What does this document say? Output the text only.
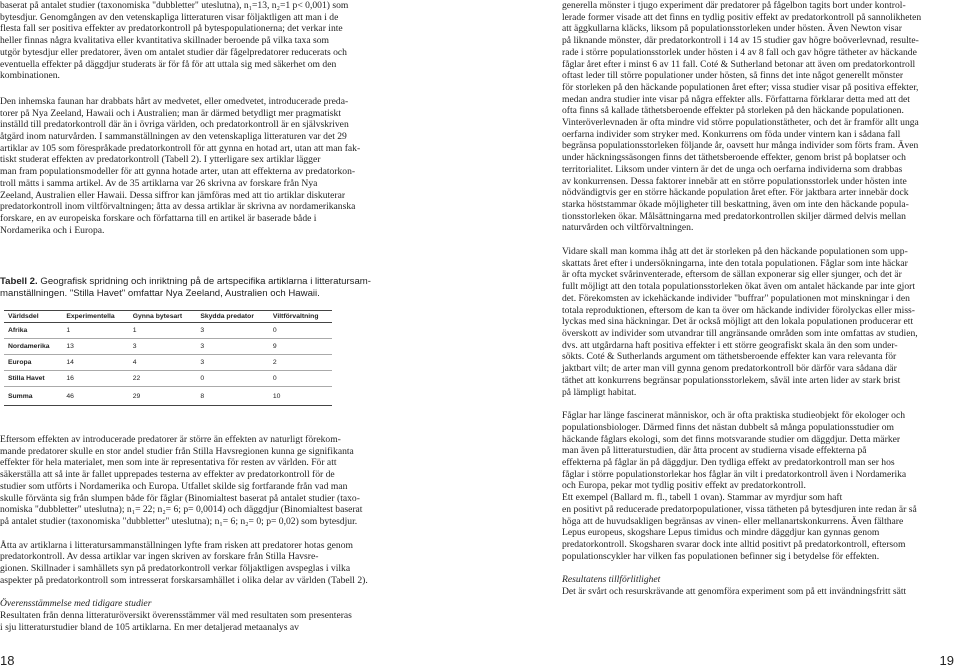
baserat på antalet studier (taxonomiska "dubbletter" uteslutna), n₁=13, n₂=1 p< 0,001) som
bytesdjur. Genomgången av den vetenskapliga litteraturen visar följaktligen att man i de
flesta fall ser positiva effekter av predatorkontroll på bytespopulationerna; det verkar inte
heller finnas några kvalitativa eller kvantitativa skillnader beroende på vilka taxa som
utgör bytesdjur eller predatorer, även om antalet studier där fågelpredatorer reducerats och
eventuella effekter på däggdjur studerats är för få för att uttala sig med säkerhet om den
kombinationen.
Den inhemska faunan har drabbats hårt av medvetet, eller omedvetet, introducerade preda-
torer på Nya Zeeland, Hawaii och i Australien; man är därmed betydligt mer pragmatiskt
inställd till predatorkontroll där än i övriga världen, och predatorkontroll är en självskriven
åtgärd inom naturvården. I sammanställningen av den vetenskapliga litteraturen var det 29
artiklar av 105 som förespråkade predatorkontroll för att gynna en hotad art, utan att man fak-
tiskt studerat effekten av predatorkontroll (Tabell 2). I ytterligare sex artiklar lägger
man fram populationsmodeller för att gynna hotade arter, utan att effekterna av predatorkon-
troll mätts i samma artikel. Av de 35 artiklarna var 26 skrivna av forskare från Nya
Zeeland, Australien eller Hawaii. Dessa siffror kan jämföras med att tio artiklar diskuterar
predatorkontroll inom viltförvaltningen; åtta av dessa artiklar är skrivna av nordamerikanska
forskare, en av europeiska forskare och författarna till en artikel är baserade både i
Nordamerika och i Europa.
Tabell 2. Geografisk spridning och inriktning på de artspecifika artiklarna i litteratursam-
manställningen. "Stilla Havet" omfattar Nya Zeeland, Australien och Hawaii.
Världsdel	Experimentella	Gynna bytesart	Skydda predator	Viltförvaltning
Afrika	1	1	3	0
Nordamerika	13	3	3	9
Europa	14	4	3	2
Stilla Havet	16	22	0	0
Summa	46	29	8	10
Eftersom effekten av introducerade predatorer är större än effekten av naturligt förekom-
mande predatorer skulle en stor andel studier från Stilla Havsregionen kunna ge signifikanta
effekter för hela materialet, men som inte är representativa för resten av världen. För att
säkerställa att så inte är fallet upprepades testerna av effekter av predatorkontroll för de
studier som utförts i Nordamerika och Europa. Utfallet skilde sig fortfarande från vad man
skulle förvänta sig från slumpen både för fåglar (Binomialtest baserat på antalet studier (taxo-
nomiska "dubbletter" uteslutna); n₁= 22; n₂= 6; p= 0,0014) och däggdjur (Binomialtest baserat
på antalet studier (taxonomiska "dubbletter" uteslutna); n₁= 6; n₂= 0; p= 0,02) som bytesdjur.
Åtta av artiklarna i litteratursammanställningen lyfte fram risken att predatorer hotas genom
predatorkontroll. Av dessa artiklar var ingen skriven av forskare från Stilla Havsre-
gionen. Skillnader i samhällets syn på predatorkontroll verkar följaktligen avspeglas i vilka
aspekter på predatorkontroll som intresserat forskarsamhället i olika delar av världen (Tabell 2).
Överensstämmelse med tidigare studier
Resultaten från denna litteraturöversikt överensstämmer väl med resultaten som presenteras
i sju litteraturstudier bland de 105 artiklarna. En mer detaljerad metaanalys av
18
generella mönster i tjugo experiment där predatorer på fågelbon tagits bort under kontrol-
lerade former visade att det finns en tydlig positiv effekt av predatorkontroll på sannolikheten
att äggkullarna kläcks, liksom på populationsstorleken under hösten. Även Newton visar
på liknande mönster, där predatorkontroll i 14 av 15 studier gav högre boöverlevnad, resulte-
rade i större populationsstorlek under hösten i 4 av 8 fall och gav högre tätheter av häckande
fåglar året efter i minst 6 av 11 fall. Coté & Sutherland betonar att även om predatorkontroll
oftast leder till större populationer under hösten, så finns det inte något generellt mönster
för storleken på den häckande populationen året efter; vissa studier visar på positiva effekter,
medan andra studier inte visar på några effekter alls. Författarna förklarar detta med att det
ofta finns så kallade täthetsberoende effekter på storleken på den häckande populationen.
Vinteröverlevnaden är ofta mindre vid större populationstätheter, och det är framför allt unga
oerfarna individer som stryker med. Konkurrens om föda under vintern kan i sådana fall
begränsa populationsstorleken följande år, oavsett hur många individer som förts fram. Även
under häckningssäsongen finns det täthetsberoende effekter, genom brist på boplatser och
territorialitet. Liksom under vintern är det de unga och oerfarna individerna som drabbas
av konkurrensen. Dessa faktorer innebär att en större populationsstorlek under hösten inte
nödvändigtvis ger en större häckande population året efter. För jaktbara arter innebär dock
starka höststammar ökade möjligheter till beskattning, även om inte den häckande popula-
tionsstorleken ökar. Målsättningarna med predatorkontrollen skiljer därmed delvis mellan
naturvården och viltförvaltningen.
Vidare skall man komma ihåg att det är storleken på den häckande populationen som upp-
skattats året efter i undersökningarna, inte den totala populationen. Fåglar som inte häckar
är ofta mycket svårinventerade, eftersom de sällan exponerar sig eller sjunger, och det är
fullt möjligt att den totala populationsstorleken ökat även om antalet häckande par inte gjort
det. Förekomsten av ickehäckande individer "buffrar" populationen mot minskningar i den
totala reproduktionen, eftersom de kan ta över om häckande individer förolyckas eller miss-
lyckas med sina häckningar. Det är också möjligt att den lokala populationen producerar ett
överskott av individer som utvandrar till angränsande områden som inte omfattas av studien,
dvs. att utgårdarna haft positiva effekter i ett större geografiskt skala än den som under-
sökts. Coté & Sutherlands argument om täthetsberoende effekter kan vara relevanta för
jaktbart vilt; de arter man vill gynna genom predatorkontroll bör därför vara sådana där
täthet att konkurrens begränsar populationsstorlekem, såväl inte arten lider av stark brist
på lämpligt habitat.
Fåglar har länge fascinerat människor, och är ofta praktiska studieobjekt för ekologer och
populationsbiologer. Därmed finns det nästan dubbelt så många populationsstudier om
häckande fåglars ekologi, som det finns motsvarande studier om däggdjur. Detta märker
man även på litteraturstudien, där åtta procent av studierna visade effekterna på
effekterna på fåglar än på däggdjur. Den tydliga effekt av predatorkontroll man ser hos
fåglar i större populationstorlekar hos fåglar än vilt i predatorkontroll även i Nordamerika
och Europa, pekar mot tydlig positiv effekt av predatorkontroll.
Ett exempel (Ballard m. fl., tabell 1 ovan). Stammar av myrdjur som haft
en positivt på reducerade predatorpopulationer, vissa tätheten på bytesdjuren inte redan är så
höga att de huvudsakligen begränsas av vinen- eller mellanartskonkurrens. Även fältharе
Lepus europeus, skogshare Lepus timidus och mindre däggdjur kan gynnas genom
predatorkontroll. Skogsharen svarar dock inte alltid positivt på predatorkontroll, eftersom
populationscykler har vilken fas populationen befinner sig i betydelse för effekten.
Resultatens tillförlitlighet
Det är svårt och resurskrävande att genomföra experiment som på ett invändningsfritt sätt
19
